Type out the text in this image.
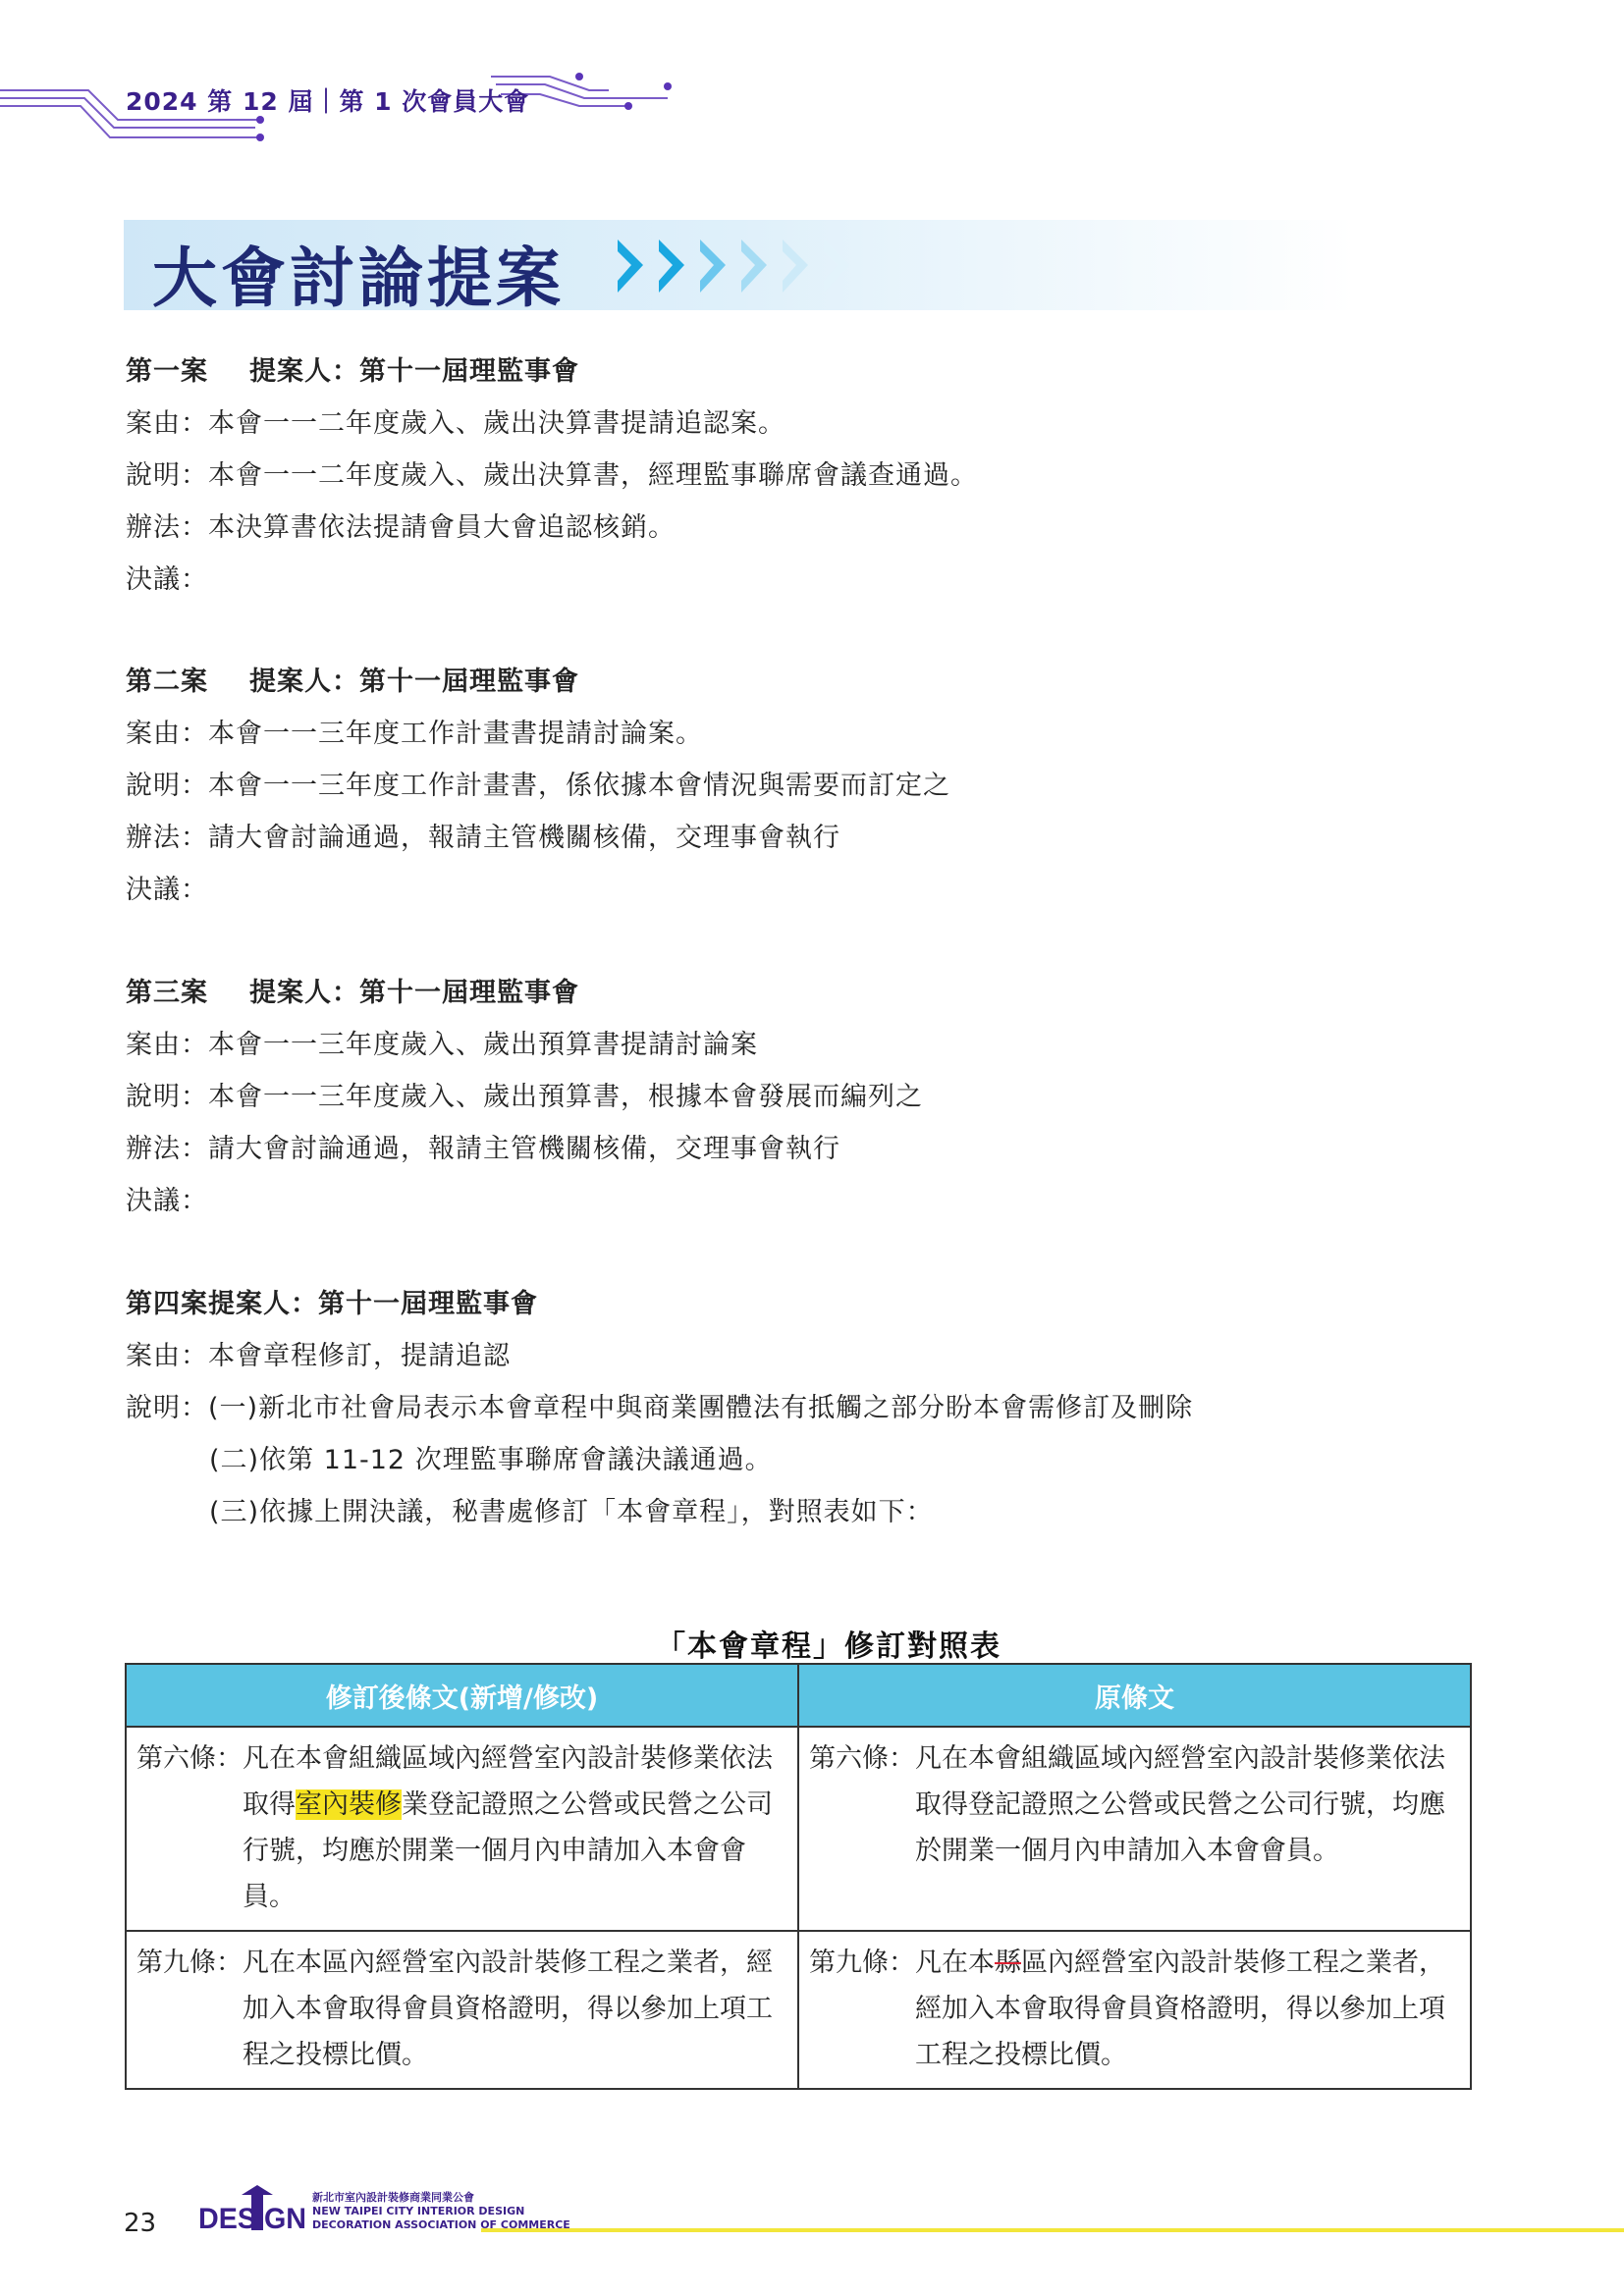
2024 第 12 屆｜第 1 次會員大會
大會討論提案
第一案 提案人：第十一屆理監事會
案由：本會一一二年度歲入、歲出決算書提請追認案。
說明：本會一一二年度歲入、歲出決算書，經理監事聯席會議查通過。
辦法：本決算書依法提請會員大會追認核銷。
決議：
第二案 提案人：第十一屆理監事會
案由：本會一一三年度工作計畫書提請討論案。
說明：本會一一三年度工作計畫書，係依據本會情況與需要而訂定之
辦法：請大會討論通過，報請主管機關核備，交理事會執行
決議：
第三案 提案人：第十一屆理監事會
案由：本會一一三年度歲入、歲出預算書提請討論案
說明：本會一一三年度歲入、歲出預算書，根據本會發展而編列之
辦法：請大會討論通過，報請主管機關核備，交理事會執行
決議：
第四案提案人：第十一屆理監事會
案由：本會章程修訂，提請追認
說明：(一)新北市社會局表示本會章程中與商業團體法有抵觸之部分盼本會需修訂及刪除
(二)依第 11-12 次理監事聯席會議決議通過。
(三)依據上開決議，秘書處修訂「本會章程」，對照表如下：
「本會章程」修訂對照表
修訂後條文(新增/修改)	原條文

第六條： 凡在本會組織區域內經營室內設計裝修業依法取得室內裝修業登記證照之公營或民營之公司行號，均應於開業一個月內申請加入本會會員。	第六條： 凡在本會組織區域內經營室內設計裝修業依法取得登記證照之公營或民營之公司行號，均應於開業一個月內申請加入本會會員。

第九條： 凡在本區內經營室內設計裝修工程之業者，經加入本會取得會員資格證明，得以參加上項工程之投標比價。	第九條： 凡在本縣區內經營室內設計裝修工程之業者，經加入本會取得會員資格證明，得以參加上項工程之投標比價。
23 DESIGN
新北市室內設計裝修商業同業公會
NEW TAIPEI CITY INTERIOR DESIGN
DECORATION ASSOCIATION OF COMMERCE
